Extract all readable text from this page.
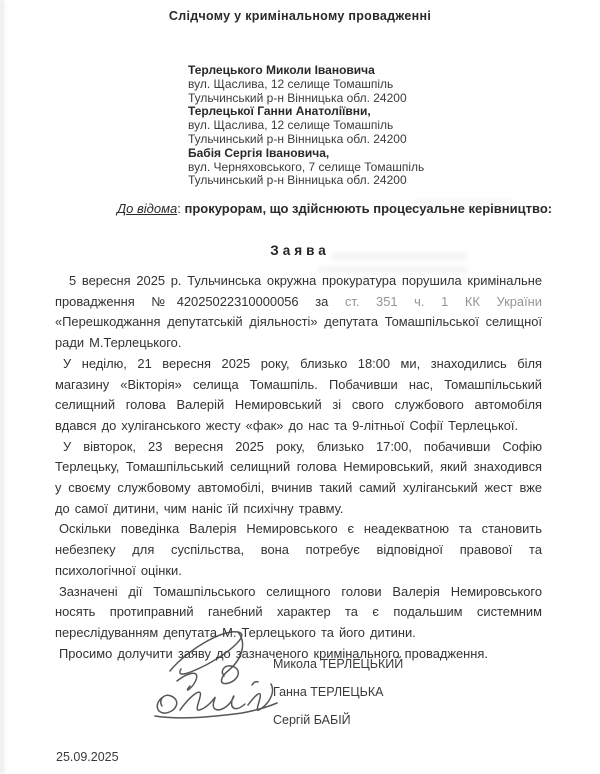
Слідчому у кримінальному провадженні
Терлецького Миколи Івановича
вул. Щаслива, 12 селище Томашпіль
Тульчинський р-н Вінницька обл. 24200
Терлецької Ганни Анатоліївни,
вул. Щаслива, 12 селище Томашпіль
Тульчинський р-н Вінницька обл. 24200
Бабія Сергія Івановича,
вул. Черняховського, 7 селище Томашпіль
Тульчинський р-н Вінницька обл. 24200
До відома: прокурорам, що здійснюють процесуальне керівництво:
Заява

5 вересня 2025 р. Тульчинська окружна прокуратура порушила кримінальне провадження №42025022310000056 за ст. 351 ч. 1 КК України «Перешкоджання депутатській діяльності» депутата Томашпільської селищної ради М.Терлецького.

У неділю, 21 вересня 2025 року, близько 18:00 ми, знаходились біля магазину «Вікторія» селища Томашпіль. Побачивши нас, Томашпільський селищний голова Валерій Немировський зі свого службового автомобіля вдався до хуліганського жесту «фак» до нас та 9-літньої Софії Терлецької.

У вівторок, 23 вересня 2025 року, близько 17:00, побачивши Софію Терлецьку, Томашпільський селищний голова Немировський, який знаходився у своєму службовому автомобілі, вчинив такий самий хуліганський жест вже до самої дитини, чим наніс їй психічну травму.

Оскільки поведінка Валерія Немировського є неадекватною та становить небезпеку для суспільства, вона потребує відповідної правової та психологічної оцінки.

Зазначені дії Томашпільського селищного голови Валерія Немировського носять протиправний ганебний характер та є подальшим системним переслідуванням депутата М. Терлецького та його дитини.

Просимо долучити заяву до зазначеного кримінального провадження.

Микола ТЕРЛЕЦЬКИЙ

Ганна ТЕРЛЕЦЬКА

Сергій БАБІЙ

25.09.2025
